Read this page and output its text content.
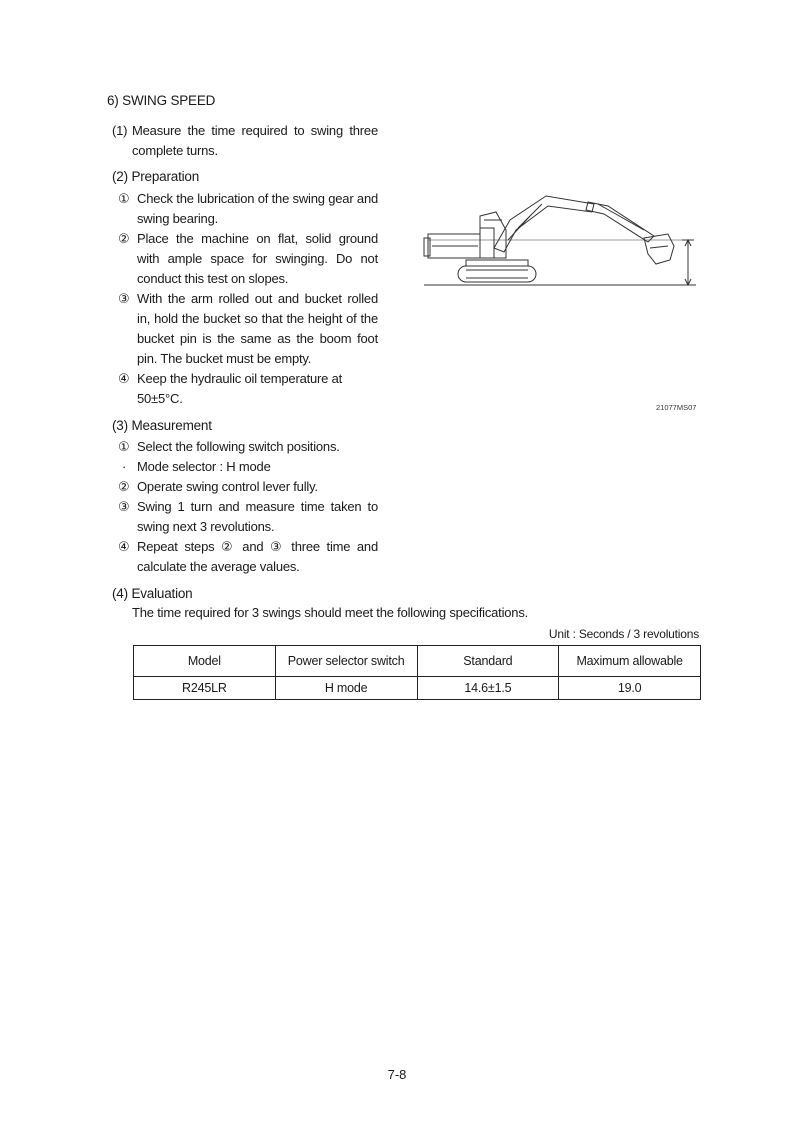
6) SWING SPEED
(1) Measure the time required to swing three complete turns.
(2) Preparation
① Check the lubrication of the swing gear and swing bearing.
② Place the machine on flat, solid ground with ample space for swinging. Do not conduct this test on slopes.
③ With the arm rolled out and bucket rolled in, hold the bucket so that the height of the bucket pin is the same as the boom foot pin. The bucket must be empty.
④ Keep the hydraulic oil temperature at 50±5°C.
21077MS07
(3) Measurement
① Select the following switch positions.
· Mode selector : H mode
② Operate swing control lever fully.
③ Swing 1 turn and measure time taken to swing next 3 revolutions.
④ Repeat steps ② and ③ three time and calculate the average values.
(4) Evaluation
The time required for 3 swings should meet the following specifications.
Unit : Seconds / 3 revolutions
Model	Power selector switch	Standard	Maximum allowable
R245LR	H mode	14.6±1.5	19.0
7-8
